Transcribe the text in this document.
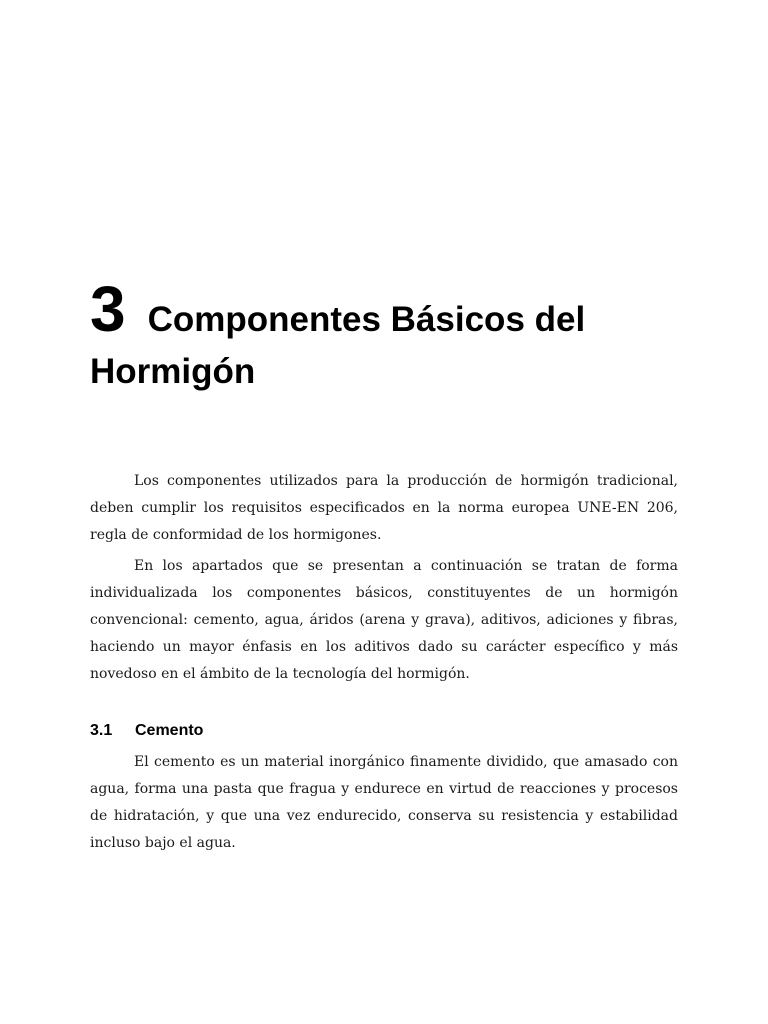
3 Componentes Básicos del Hormigón

Los componentes utilizados para la producción de hormigón tradicional, deben cumplir los requisitos especificados en la norma europea UNE-EN 206, regla de conformidad de los hormigones.

En los apartados que se presentan a continuación se tratan de forma individualizada los componentes básicos, constituyentes de un hormigón convencional: cemento, agua, áridos (arena y grava), aditivos, adiciones y fibras, haciendo un mayor énfasis en los aditivos dado su carácter específico y más novedoso en el ámbito de la tecnología del hormigón.

3.1 Cemento

El cemento es un material inorgánico finamente dividido, que amasado con agua, forma una pasta que fragua y endurece en virtud de reacciones y procesos de hidratación, y que una vez endurecido, conserva su resistencia y estabilidad incluso bajo el agua.
